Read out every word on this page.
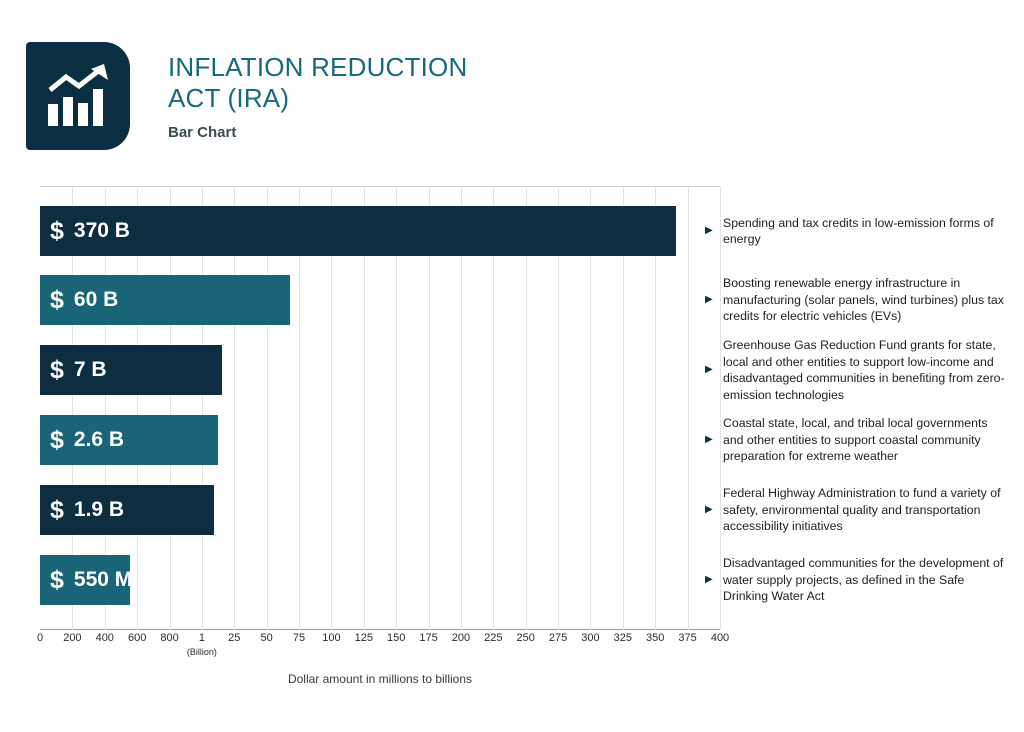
INFLATION REDUCTION ACT (IRA)
Bar Chart
$ 370 B
$ 60 B
$ 7 B
$ 2.6 B
$ 1.9 B
$ 550 M
0 200 400 600 800 1
(Billion)
25 50 75 100 125 150 175 200 225 250 275 300 325 350 375 400
Dollar amount in millions to billions
▶
Spending and tax credits in low-emission forms of energy
▶
Boosting renewable energy infrastructure in manufacturing (solar panels, wind turbines) plus tax credits for electric vehicles (EVs)
▶
Greenhouse Gas Reduction Fund grants for state, local and other entities to support low-income and disadvantaged communities in benefiting from zero-emission technologies
▶
Coastal state, local, and tribal local governments and other entities to support coastal community preparation for extreme weather
▶
Federal Highway Administration to fund a variety of safety, environmental quality and transportation accessibility initiatives
▶
Disadvantaged communities for the development of water supply projects, as defined in the Safe Drinking Water Act
